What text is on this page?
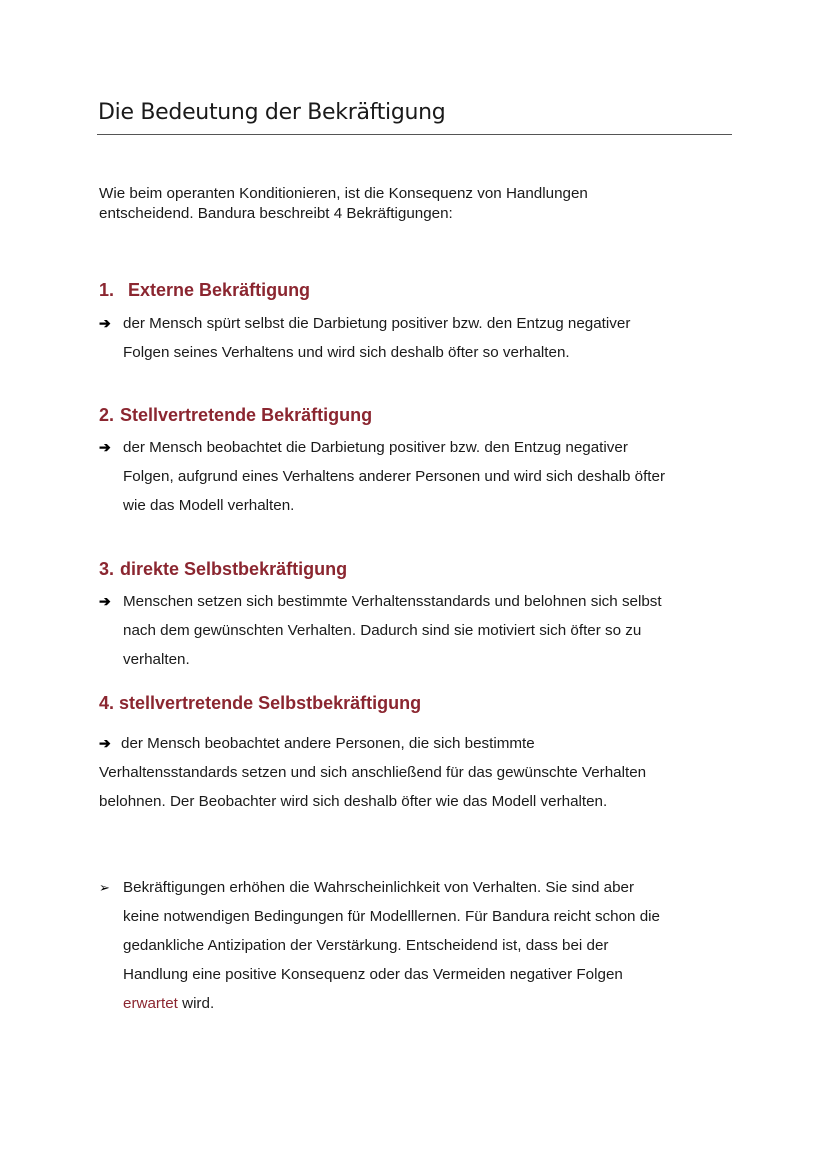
Die Bedeutung der Bekräftigung
Wie beim operanten Konditionieren, ist die Konsequenz von Handlungen
entscheidend. Bandura beschreibt 4 Bekräftigungen:
1. Externe Bekräftigung
➔ der Mensch spürt selbst die Darbietung positiver bzw. den Entzug negativer
Folgen seines Verhaltens und wird sich deshalb öfter so verhalten.
2. Stellvertretende Bekräftigung
➔ der Mensch beobachtet die Darbietung positiver bzw. den Entzug negativer
Folgen, aufgrund eines Verhaltens anderer Personen und wird sich deshalb öfter
wie das Modell verhalten.
3. direkte Selbstbekräftigung
➔ Menschen setzen sich bestimmte Verhaltensstandards und belohnen sich selbst
nach dem gewünschten Verhalten. Dadurch sind sie motiviert sich öfter so zu
verhalten.
4. stellvertretende Selbstbekräftigung
➔ der Mensch beobachtet andere Personen, die sich bestimmte
Verhaltensstandards setzen und sich anschließend für das gewünschte Verhalten
belohnen. Der Beobachter wird sich deshalb öfter wie das Modell verhalten.
➢ Bekräftigungen erhöhen die Wahrscheinlichkeit von Verhalten. Sie sind aber
keine notwendigen Bedingungen für Modelllernen. Für Bandura reicht schon die
gedankliche Antizipation der Verstärkung. Entscheidend ist, dass bei der
Handlung eine positive Konsequenz oder das Vermeiden negativer Folgen
erwartet wird.
